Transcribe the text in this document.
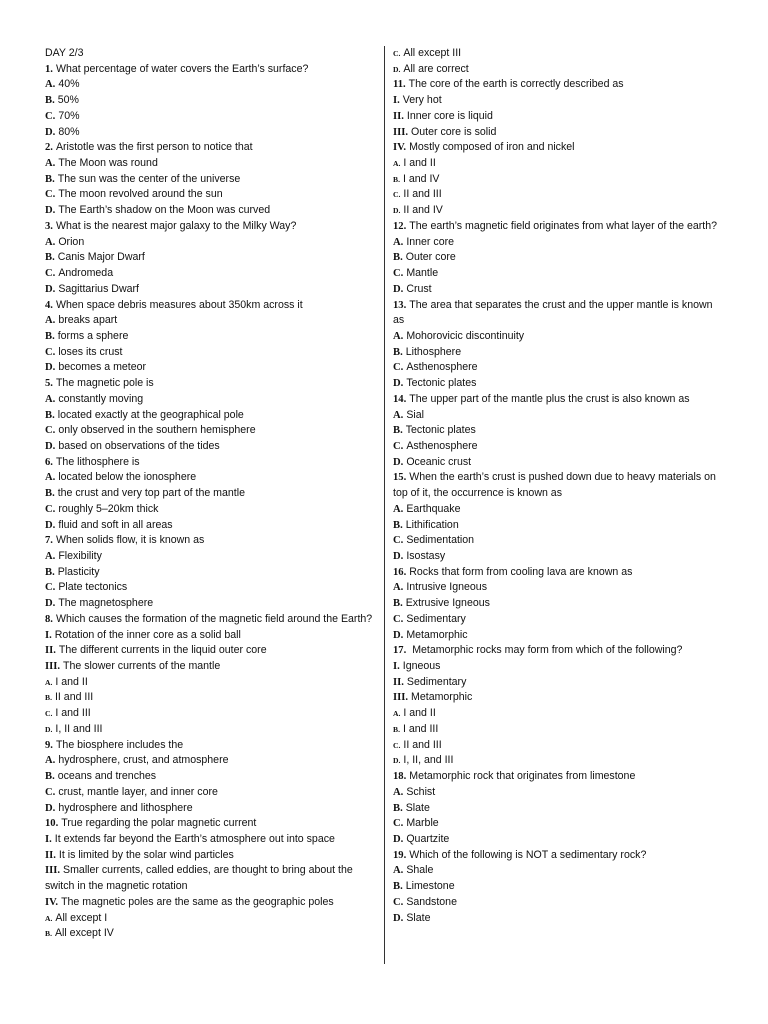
DAY 2/3
1. What percentage of water covers the Earth’s surface?
A. 40%
B. 50%
C. 70%
D. 80%
2. Aristotle was the first person to notice that
A. The Moon was round
B. The sun was the center of the universe
C. The moon revolved around the sun
D. The Earth’s shadow on the Moon was curved
3. What is the nearest major galaxy to the Milky Way?
A. Orion
B. Canis Major Dwarf
C. Andromeda
D. Sagittarius Dwarf
4. When space debris measures about 350km across it
A. breaks apart
B. forms a sphere
C. loses its crust
D. becomes a meteor
5. The magnetic pole is
A. constantly moving
B. located exactly at the geographical pole
C. only observed in the southern hemisphere
D. based on observations of the tides
6. The lithosphere is
A. located below the ionosphere
B. the crust and very top part of the mantle
C. roughly 5–20km thick
D. fluid and soft in all areas
7. When solids flow, it is known as
A. Flexibility
B. Plasticity
C. Plate tectonics
D. The magnetosphere
8. Which causes the formation of the magnetic field around the Earth?
I. Rotation of the inner core as a solid ball
II. The different currents in the liquid outer core
III. The slower currents of the mantle
A. I and II
B. II and III
C. I and III
D. I, II and III
9. The biosphere includes the
A. hydrosphere, crust, and atmosphere
B. oceans and trenches
C. crust, mantle layer, and inner core
D. hydrosphere and lithosphere
10. True regarding the polar magnetic current
I. It extends far beyond the Earth’s atmosphere out into space
II. It is limited by the solar wind particles
III. Smaller currents, called eddies, are thought to bring about the switch in the magnetic rotation
IV. The magnetic poles are the same as the geographic poles
A. All except I
B. All except IV
C. All except III
D. All are correct
11. The core of the earth is correctly described as
I. Very hot
II. Inner core is liquid
III. Outer core is solid
IV. Mostly composed of iron and nickel
A. I and II
B. I and IV
C. II and III
D. II and IV
12. The earth’s magnetic field originates from what layer of the earth?
A. Inner core
B. Outer core
C. Mantle
D. Crust
13. The area that separates the crust and the upper mantle is known as
A. Mohorovicic discontinuity
B. Lithosphere
C. Asthenosphere
D. Tectonic plates
14. The upper part of the mantle plus the crust is also known as
A. Sial
B. Tectonic plates
C. Asthenosphere
D. Oceanic crust
15. When the earth’s crust is pushed down due to heavy materials on top of it, the occurrence is known as
A. Earthquake
B. Lithification
C. Sedimentation
D. Isostasy
16. Rocks that form from cooling lava are known as
A. Intrusive Igneous
B. Extrusive Igneous
C. Sedimentary
D. Metamorphic
17. Metamorphic rocks may form from which of the following?
I. Igneous
II. Sedimentary
III. Metamorphic
A. I and II
B. I and III
C. II and III
D. I, II, and III
18. Metamorphic rock that originates from limestone
A. Schist
B. Slate
C. Marble
D. Quartzite
19. Which of the following is NOT a sedimentary rock?
A. Shale
B. Limestone
C. Sandstone
D. Slate
